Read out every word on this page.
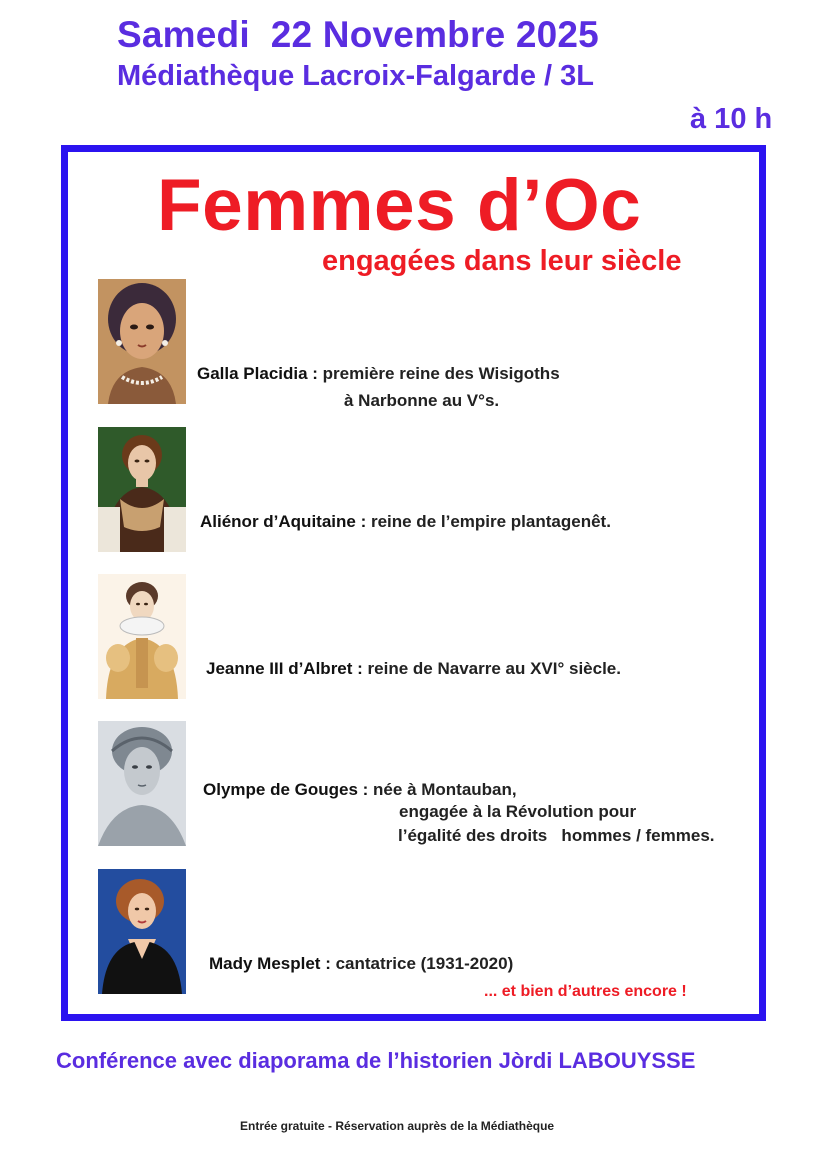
Samedi  22 Novembre 2025
Médiathèque Lacroix-Falgarde / 3L
à 10 h
Femmes d’Oc
engagées dans leur siècle
Galla Placidia : première reine des Wisigoths
à Narbonne au V°s.
Aliénor d’Aquitaine : reine de l’empire plantagenêt.
Jeanne III d’Albret : reine de Navarre au XVI° siècle.
Olympe de Gouges : née à Montauban,
engagée à la Révolution pour
l’égalité des droits   hommes / femmes.
Mady Mesplet : cantatrice (1931-2020)
... et bien d’autres encore !
Conférence avec diaporama de l’historien Jòrdi LABOUYSSE
Entrée gratuite - Réservation auprès de la Médiathèque
